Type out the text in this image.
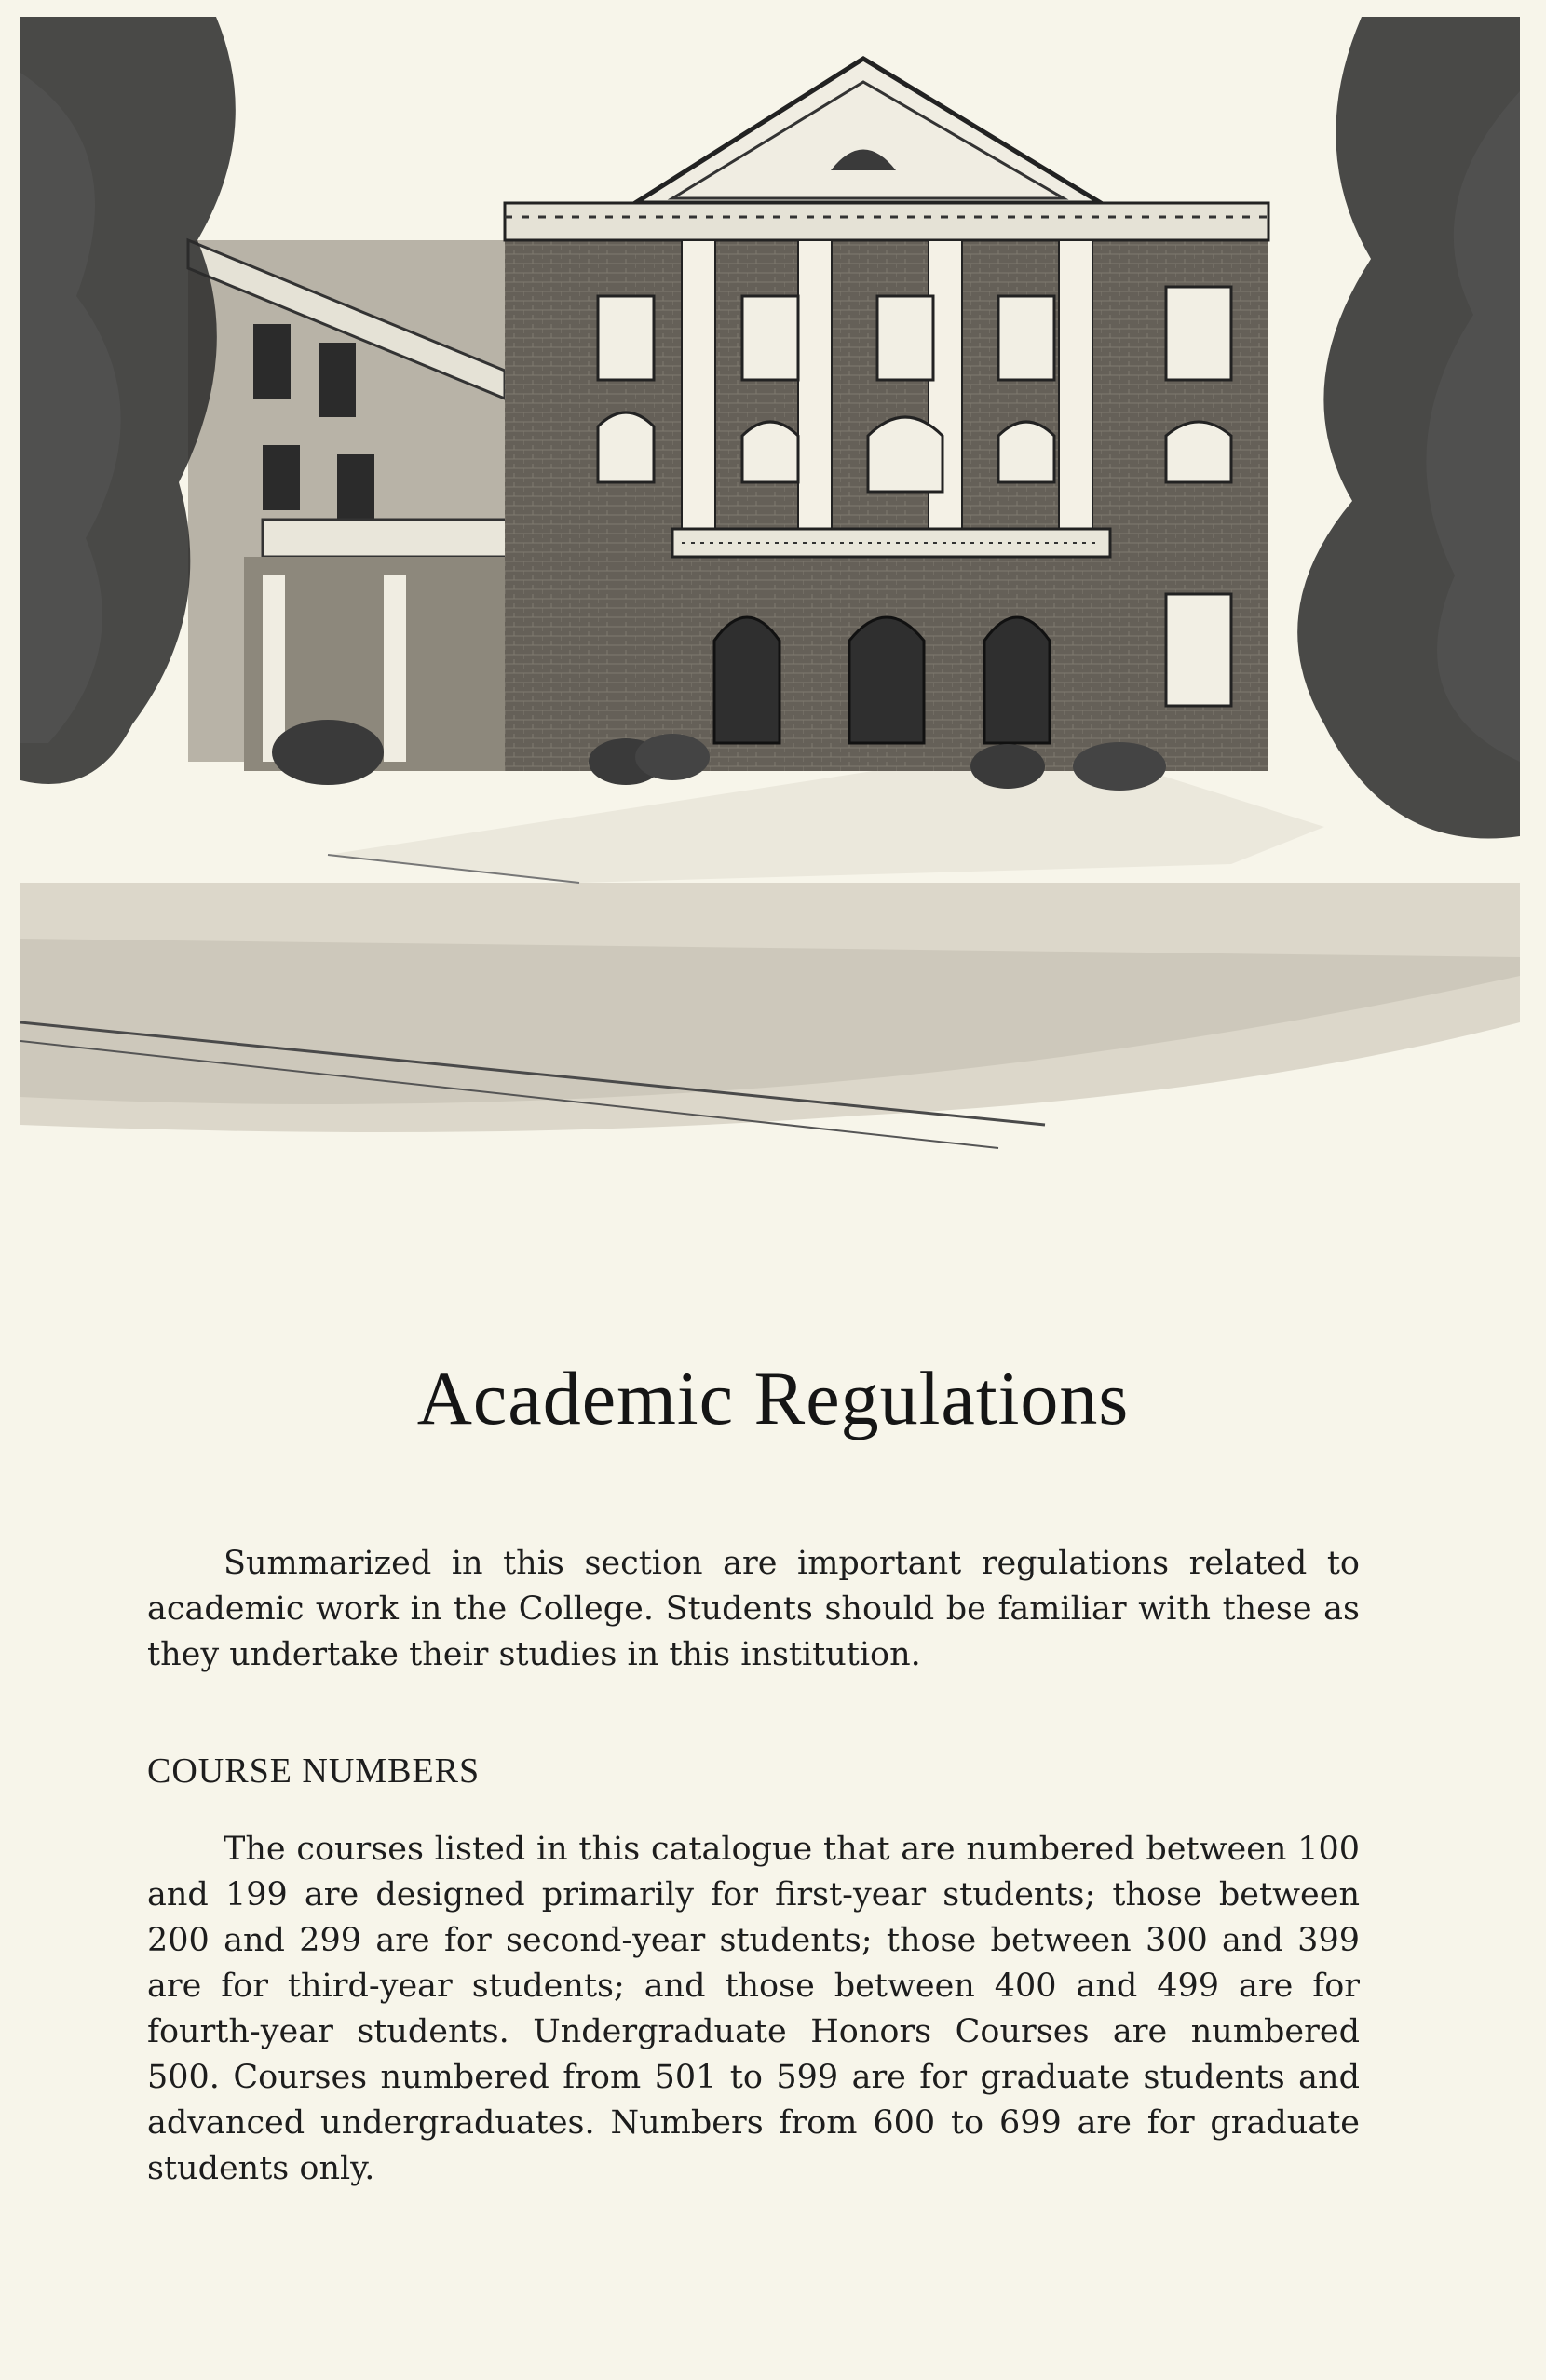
Academic Regulations
Summarized in this section are important regulations related to academic work in the College. Students should be familiar with these as they undertake their studies in this institution.
COURSE NUMBERS
The courses listed in this catalogue that are numbered between 100 and 199 are designed primarily for first-year students; those between 200 and 299 are for second-year students; those between 300 and 399 are for third-year students; and those between 400 and 499 are for fourth-year students. Undergraduate Honors Courses are numbered 500. Courses numbered from 501 to 599 are for graduate students and advanced undergraduates. Numbers from 600 to 699 are for graduate students only.
